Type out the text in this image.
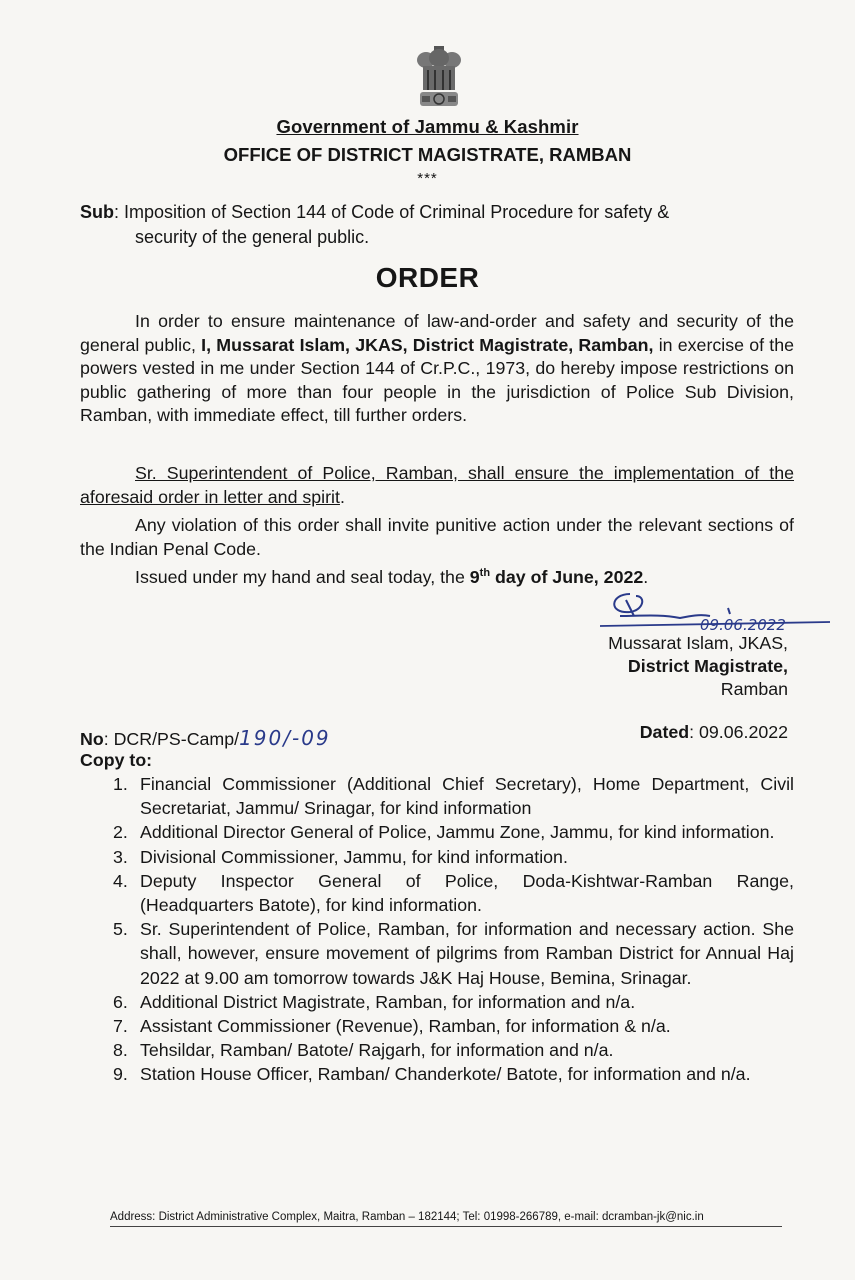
Government of Jammu & Kashmir
OFFICE OF DISTRICT MAGISTRATE, RAMBAN
***
Sub: Imposition of Section 144 of Code of Criminal Procedure for safety &
security of the general public.
ORDER
In order to ensure maintenance of law-and-order and safety and security of the general public, I, Mussarat Islam, JKAS, District Magistrate, Ramban, in exercise of the powers vested in me under Section 144 of Cr.P.C., 1973, do hereby impose restrictions on public gathering of more than four people in the jurisdiction of Police Sub Division, Ramban, with immediate effect, till further orders.
Sr. Superintendent of Police, Ramban, shall ensure the implementation of the aforesaid order in letter and spirit.
Any violation of this order shall invite punitive action under the relevant sections of the Indian Penal Code.
Issued under my hand and seal today, the 9th day of June, 2022.
09.06.2022
Mussarat Islam, JKAS,
District Magistrate,
Ramban
No: DCR/PS-Camp/190/-09	Dated: 09.06.2022
Copy to:
1. Financial Commissioner (Additional Chief Secretary), Home Department, Civil Secretariat, Jammu/ Srinagar, for kind information
2. Additional Director General of Police, Jammu Zone, Jammu, for kind information.
3. Divisional Commissioner, Jammu, for kind information.
4. Deputy Inspector General of Police, Doda-Kishtwar-Ramban Range, (Headquarters Batote), for kind information.
5. Sr. Superintendent of Police, Ramban, for information and necessary action. She shall, however, ensure movement of pilgrims from Ramban District for Annual Haj 2022 at 9.00 am tomorrow towards J&K Haj House, Bemina, Srinagar.
6. Additional District Magistrate, Ramban, for information and n/a.
7. Assistant Commissioner (Revenue), Ramban, for information & n/a.
8. Tehsildar, Ramban/ Batote/ Rajgarh, for information and n/a.
9. Station House Officer, Ramban/ Chanderkote/ Batote, for information and n/a.
Address: District Administrative Complex, Maitra, Ramban – 182144; Tel: 01998-266789, e-mail: dcramban-jk@nic.in
